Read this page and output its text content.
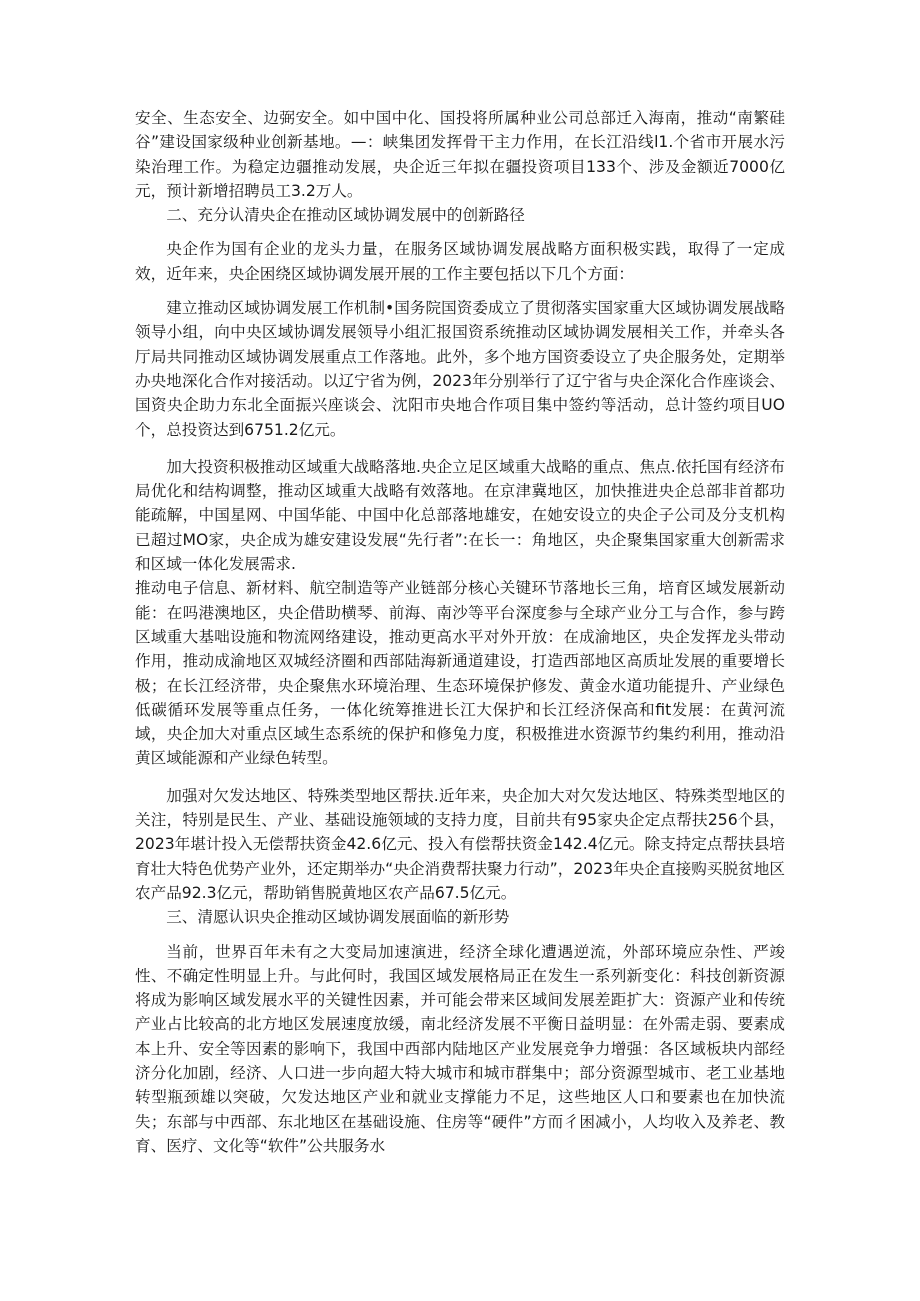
安全、生态安全、边弼安全。如中国中化、国投将所属种业公司总部迁入海南，推动“南繁硅谷”建设国家级种业创新基地。—：峡集团发挥骨干主力作用，在长江沿线l1.个省市开展水污染治理工作。为稳定边疆推动发展，央企近三年拟在疆投资项目133个、涉及金额近7000亿元，预计新增招聘员工3.2万人。

二、充分认清央企在推动区域协调发展中的创新路径

央企作为国有企业的龙头力量，在服务区域协调发展战略方面积极实践，取得了一定成效，近年来，央企困绕区域协调发展开展的工作主要包括以下几个方面：

建立推动区域协调发展工作机制•国务院国资委成立了贯彻落实国家重大区域协调发展战略领导小组，向中央区域协调发展领导小组汇报国资系统推动区域协调发展相关工作，并牵头各厅局共同推动区域协调发展重点工作落地。此外，多个地方国资委设立了央企服务处，定期举办央地深化合作对接活动。以辽宁省为例，2023年分别举行了辽宁省与央企深化合作座谈会、国资央企助力东北全面振兴座谈会、沈阳市央地合作项目集中签约等活动，总计签约项目UO个，总投资达到6751.2亿元。

加大投资积极推动区域重大战略落地.央企立足区域重大战略的重点、焦点.依托国有经济布局优化和结构调整，推动区域重大战略有效落地。在京津冀地区，加快推进央企总部非首都功能疏解，中国星网、中国华能、中国中化总部落地雄安，在她安设立的央企子公司及分支机构已超过MO家，央企成为雄安建设发展“先行者”:在长一：角地区，央企聚集国家重大创新需求和区域一体化发展需求.

推动电子信息、新材料、航空制造等产业链部分核心关键环节落地长三角，培育区域发展新动能：在吗港澳地区，央企借助横琴、前海、南沙等平台深度参与全球产业分工与合作，参与跨区域重大基咄设施和物流网络建设，推动更高水平对外开放：在成渝地区，央企发挥龙头带动作用，推动成渝地区双城经济圈和西部陆海新通道建设，打造西部地区高质址发展的重要增长极；在长江经济带，央企聚焦水环境治理、生态环境保护修发、黄金水道功能提升、产业绿色低碳循环发展等重点任务，一体化统筹推进长江大保护和长江经济保高和fit发展：在黄河流域，央企加大对重点区域生态系统的保护和修兔力度，积极推进水资源节约集约利用，推动沿黄区域能源和产业绿色转型。

加强对欠发达地区、特殊类型地区帮扶.近年来，央企加大对欠发达地区、特殊类型地区的关注，特别是民生、产业、基础设施领域的支持力度，目前共有95家央企定点帮扶256个县，2023年堪计投入无偿帮扶资金42.6亿元、投入有偿帮扶资金142.4亿元。除支持定点帮扶县培育壮大特色优势产业外，还定期举办“央企消费帮扶聚力行动”，2023年央企直接购买脱贫地区农产品92.3亿元，帮助销售脱黄地区农产品67.5亿元。

三、清愿认识央企推动区域协调发展面临的新形势

当前，世界百年未有之大变局加速演进，经济全球化遭遇逆流，外部环境应杂性、严竣性、不确定性明显上升。与此何时，我国区域发展格局正在发生一系列新变化：科技创新资源将成为影响区域发展水平的关键性因素，并可能会带来区域间发展差距扩大：资源产业和传统产业占比较高的北方地区发展速度放缓，南北经济发展不平衡日益明显：在外需走弱、要素成本上升、安全等因素的影响下，我国中西部内陆地区产业发展竞争力增强：各区域板块内部经济分化加剧，经济、人口进一步向超大特大城市和城市群集中；部分资源型城市、老工业基地转型瓶颈雄以突破，欠发达地区产业和就业支撑能力不足，这些地区人口和要素也在加快流失；东部与中西部、东北地区在基础设施、住房等“硬件”方而彳困减小，人均收入及养老、教育、医疗、文化等“软件”公共服务水
